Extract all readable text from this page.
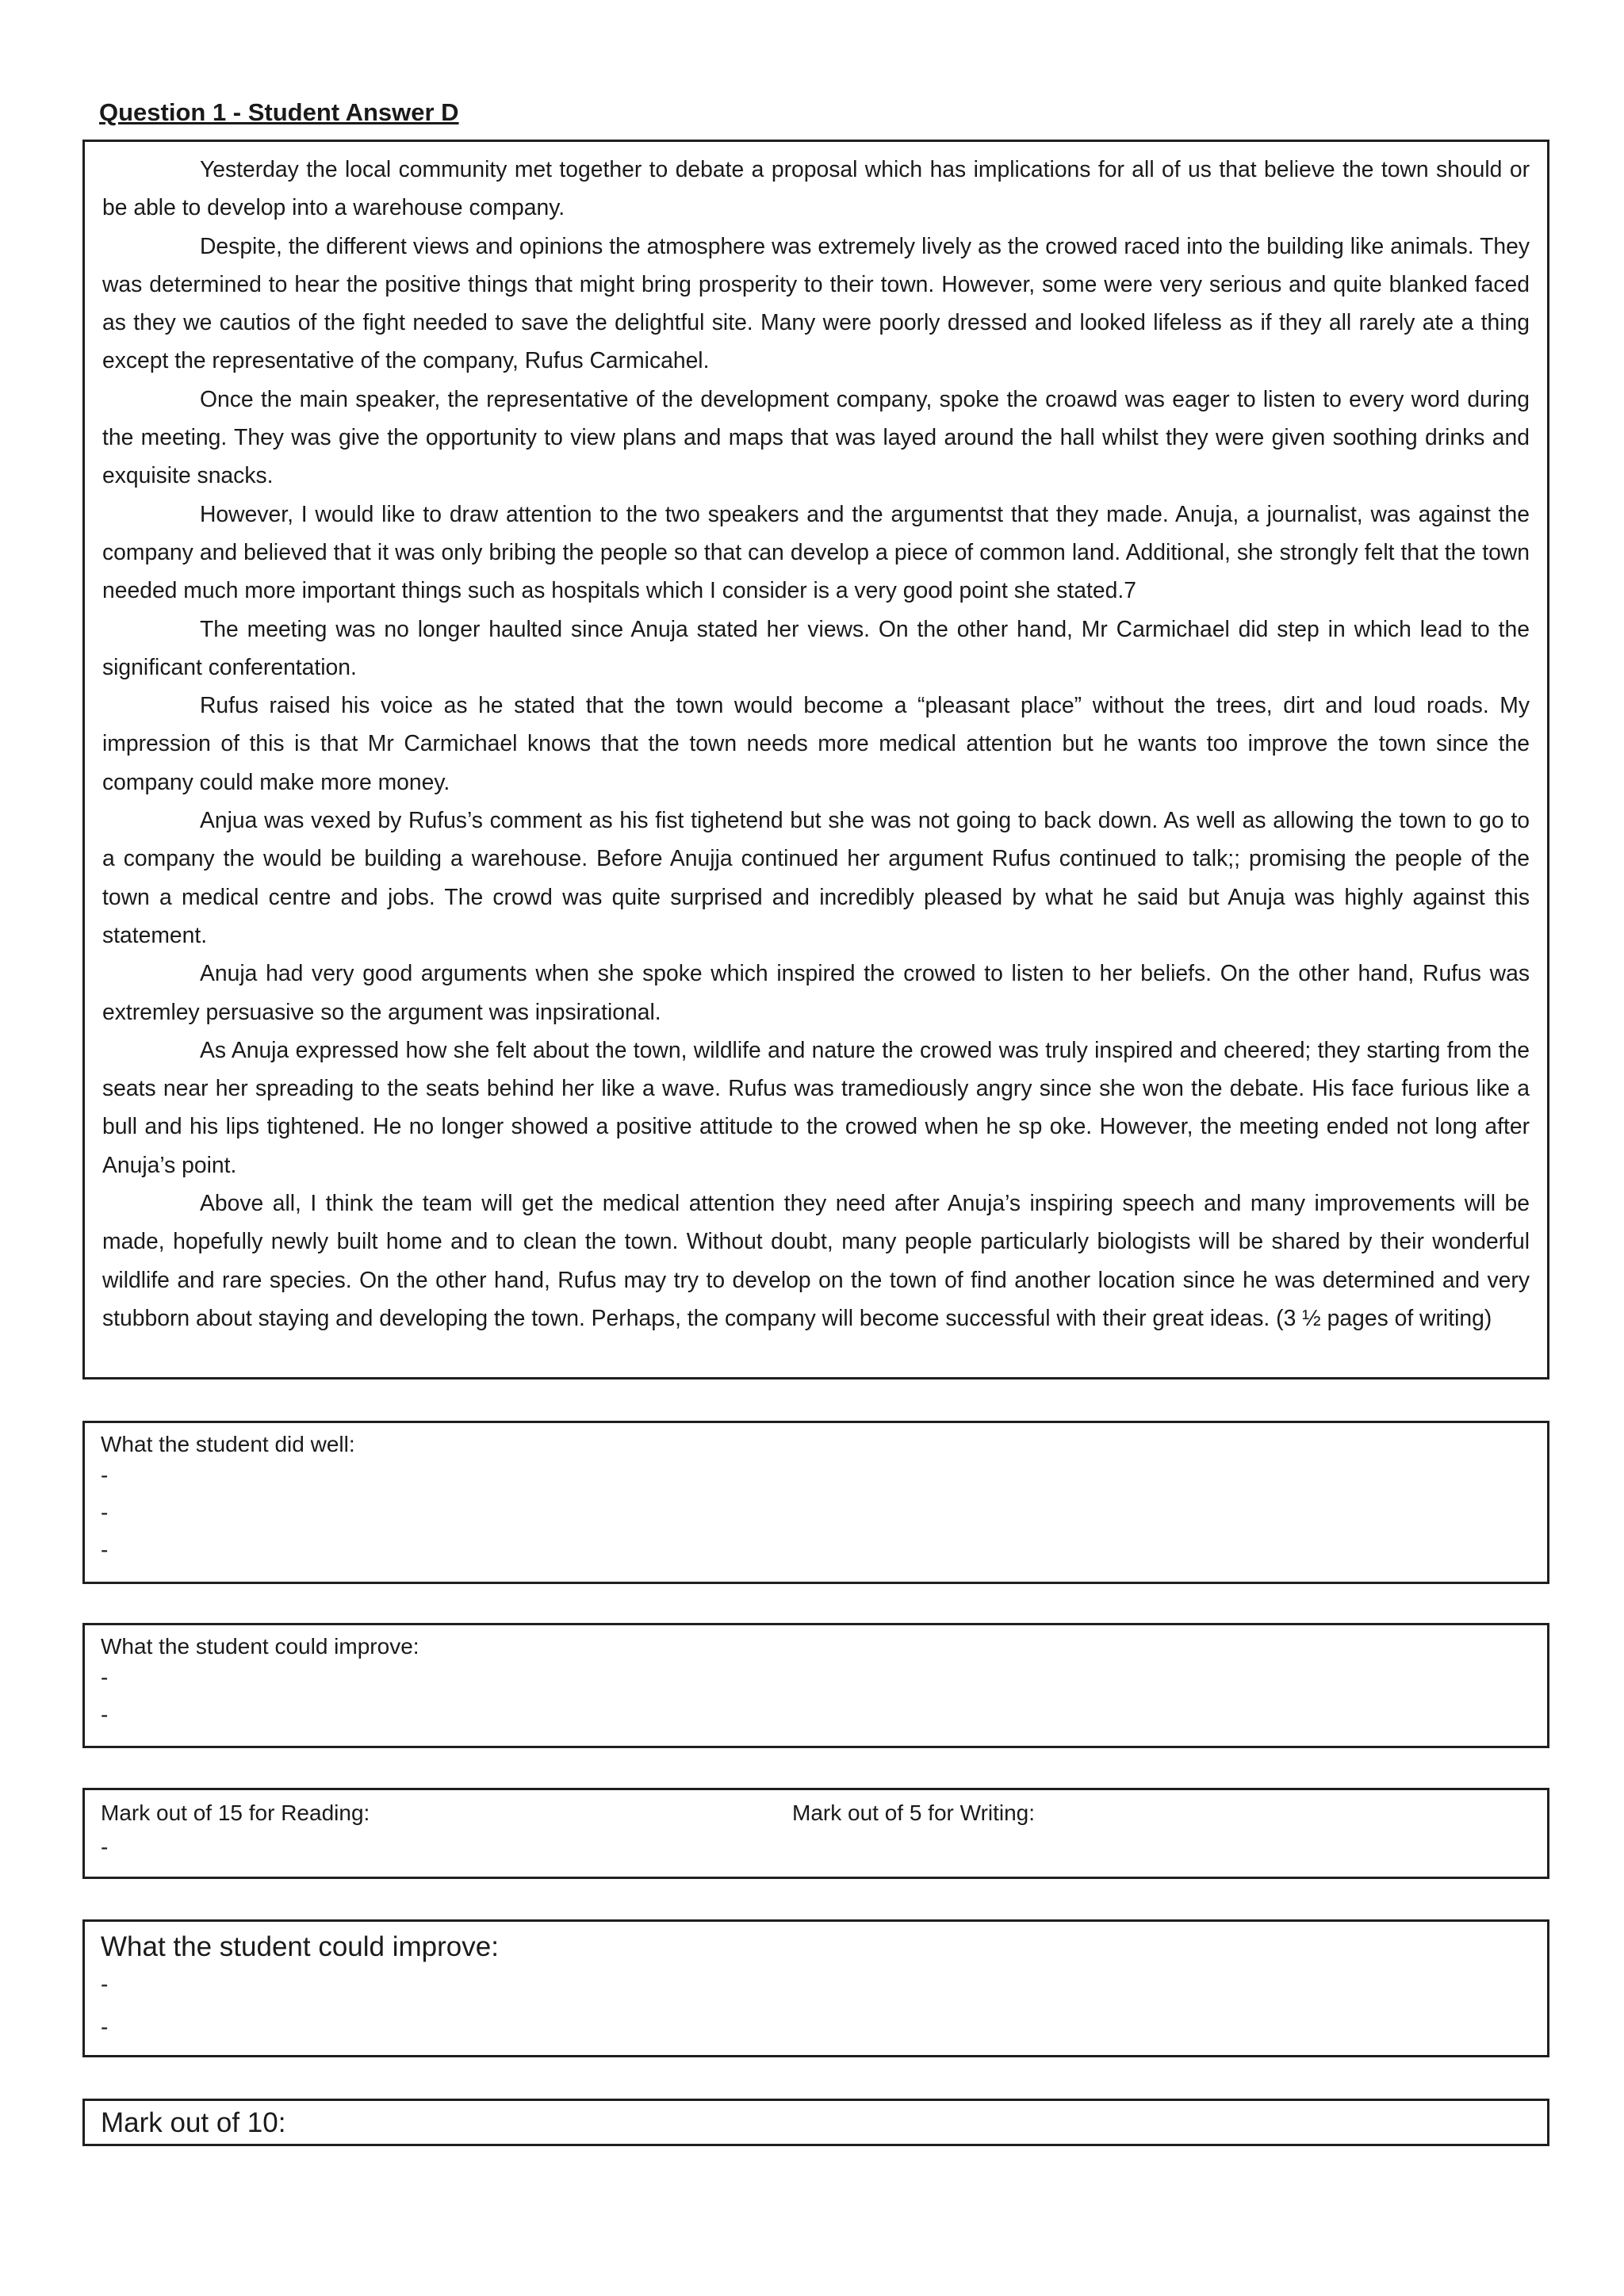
Question 1 - Student Answer D

Yesterday the local community met together to debate a proposal which has implications for all of us that believe the town should or be able to develop into a warehouse company.

Despite, the different views and opinions the atmosphere was extremely lively as the crowed raced into the building like animals. They was determined to hear the positive things that might bring prosperity to their town. However, some were very serious and quite blanked faced as they we cautios of the fight needed to save the delightful site. Many were poorly dressed and looked lifeless as if they all rarely ate a thing except the representative of the company, Rufus Carmicahel.

Once the main speaker, the representative of the development company, spoke the croawd was eager to listen to every word during the meeting. They was give the opportunity to view plans and maps that was layed around the hall whilst they were given soothing drinks and exquisite snacks.

However, I would like to draw attention to the two speakers and the argumentst that they made. Anuja, a journalist, was against the company and believed that it was only bribing the people so that can develop a piece of common land. Additional, she strongly felt that the town needed much more important things such as hospitals which I consider is a very good point she stated.7

The meeting was no longer haulted since Anuja stated her views. On the other hand, Mr Carmichael did step in which lead to the significant conferentation.

Rufus raised his voice as he stated that the town would become a “pleasant place” without the trees, dirt and loud roads. My impression of this is that Mr Carmichael knows that the town needs more medical attention but he wants too improve the town since the company could make more money.

Anjua was vexed by Rufus’s comment as his fist tighetend but she was not going to back down. As well as allowing the town to go to a company the would be building a warehouse. Before Anujja continued her argument Rufus continued to talk;; promising the people of the town a medical centre and jobs. The crowd was quite surprised and incredibly pleased by what he said but Anuja was highly against this statement.

Anuja had very good arguments when she spoke which inspired the crowed to listen to her beliefs. On the other hand, Rufus was extremley persuasive so the argument was inpsirational.

As Anuja expressed how she felt about the town, wildlife and nature the crowed was truly inspired and cheered; they starting from the seats near her spreading to the seats behind her like a wave. Rufus was tramediously angry since she won the debate. His face furious like a bull and his lips tightened. He no longer showed a positive attitude to the crowed when he sp oke. However, the meeting ended not long after Anuja’s point.

Above all, I think the team will get the medical attention they need after Anuja’s inspiring speech and many improvements will be made, hopefully newly built home and to clean the town. Without doubt, many people particularly biologists will be shared by their wonderful wildlife and rare species. On the other hand, Rufus may try to develop on the town of find another location since he was determined and very stubborn about staying and developing the town. Perhaps, the company will become successful with their great ideas. (3 ½ pages of writing)

What the student did well:
-
-
-
What the student could improve:
-
-
Mark out of 15 for Reading:	Mark out of 5 for Writing:
-
What the student could improve:
-
-
Mark out of 10:
